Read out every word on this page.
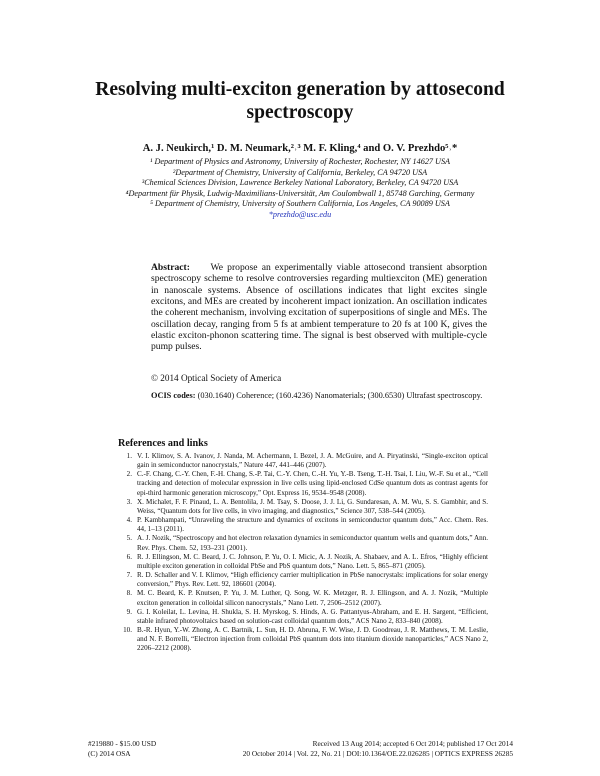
Resolving multi-exciton generation by attosecond spectroscopy
A. J. Neukirch,¹ D. M. Neumark,²˒³ M. F. Kling,⁴ and O. V. Prezhdo⁵˒*
¹ Department of Physics and Astronomy, University of Rochester, Rochester, NY 14627 USA
²Department of Chemistry, University of California, Berkeley, CA 94720 USA
³Chemical Sciences Division, Lawrence Berkeley National Laboratory, Berkeley, CA 94720 USA
⁴Department für Physik, Ludwig-Maximilians-Universität, Am Coulombwall 1, 85748 Garching, Germany
⁵ Department of Chemistry, University of Southern California, Los Angeles, CA 90089 USA
*prezhdo@usc.edu
Abstract: We propose an experimentally viable attosecond transient absorption spectroscopy scheme to resolve controversies regarding multiexciton (ME) generation in nanoscale systems. Absence of oscillations indicates that light excites single excitons, and MEs are created by incoherent impact ionization. An oscillation indicates the coherent mechanism, involving excitation of superpositions of single and MEs. The oscillation decay, ranging from 5 fs at ambient temperature to 20 fs at 100 K, gives the elastic exciton-phonon scattering time. The signal is best observed with multiple-cycle pump pulses.
© 2014 Optical Society of America
OCIS codes: (030.1640) Coherence; (160.4236) Nanomaterials; (300.6530) Ultrafast spectroscopy.
References and links
1. V. I. Klimov, S. A. Ivanov, J. Nanda, M. Achermann, I. Bezel, J. A. McGuire, and A. Piryatinski, “Single-exciton optical gain in semiconductor nanocrystals,” Nature 447, 441–446 (2007).
2. C.-F. Chang, C.-Y. Chen, F.-H. Chang, S.-P. Tai, C.-Y. Chen, C.-H. Yu, Y.-B. Tseng, T.-H. Tsai, I. Liu, W.-F. Su et al., “Cell tracking and detection of molecular expression in live cells using lipid-enclosed CdSe quantum dots as contrast agents for epi-third harmonic generation microscopy,” Opt. Express 16, 9534–9548 (2008).
3. X. Michalet, F. F. Pinaud, L. A. Bentolila, J. M. Tsay, S. Doose, J. J. Li, G. Sundaresan, A. M. Wu, S. S. Gambhir, and S. Weiss, “Quantum dots for live cells, in vivo imaging, and diagnostics,” Science 307, 538–544 (2005).
4. P. Kambhampati, “Unraveling the structure and dynamics of excitons in semiconductor quantum dots,” Acc. Chem. Res. 44, 1–13 (2011).
5. A. J. Nozik, “Spectroscopy and hot electron relaxation dynamics in semiconductor quantum wells and quantum dots,” Ann. Rev. Phys. Chem. 52, 193–231 (2001).
6. R. J. Ellingson, M. C. Beard, J. C. Johnson, P. Yu, O. I. Micic, A. J. Nozik, A. Shabaev, and A. L. Efros, “Highly efficient multiple exciton generation in colloidal PbSe and PbS quantum dots,” Nano. Lett. 5, 865–871 (2005).
7. R. D. Schaller and V. I. Klimov, “High efficiency carrier multiplication in PbSe nanocrystals: implications for solar energy conversion,” Phys. Rev. Lett. 92, 186601 (2004).
8. M. C. Beard, K. P. Knutsen, P. Yu, J. M. Luther, Q. Song, W. K. Metzger, R. J. Ellingson, and A. J. Nozik, “Multiple exciton generation in colloidal silicon nanocrystals,” Nano Lett. 7, 2506–2512 (2007).
9. G. I. Koleilat, L. Levina, H. Shukla, S. H. Myrskog, S. Hinds, A. G. Pattantyus-Abraham, and E. H. Sargent, “Efficient, stable infrared photovoltaics based on solution-cast colloidal quantum dots,” ACS Nano 2, 833–840 (2008).
10. B.-R. Hyun, Y.-W. Zhong, A. C. Bartnik, L. Sun, H. D. Abruna, F. W. Wise, J. D. Goodreau, J. R. Matthews, T. M. Leslie, and N. F. Borrelli, “Electron injection from colloidal PbS quantum dots into titanium dioxide nanoparticles,” ACS Nano 2, 2206–2212 (2008).
#219880 - $15.00 USD	Received 13 Aug 2014; accepted 6 Oct 2014; published 17 Oct 2014
(C) 2014 OSA	20 October 2014 | Vol. 22, No. 21 | DOI:10.1364/OE.22.026285 | OPTICS EXPRESS 26285
